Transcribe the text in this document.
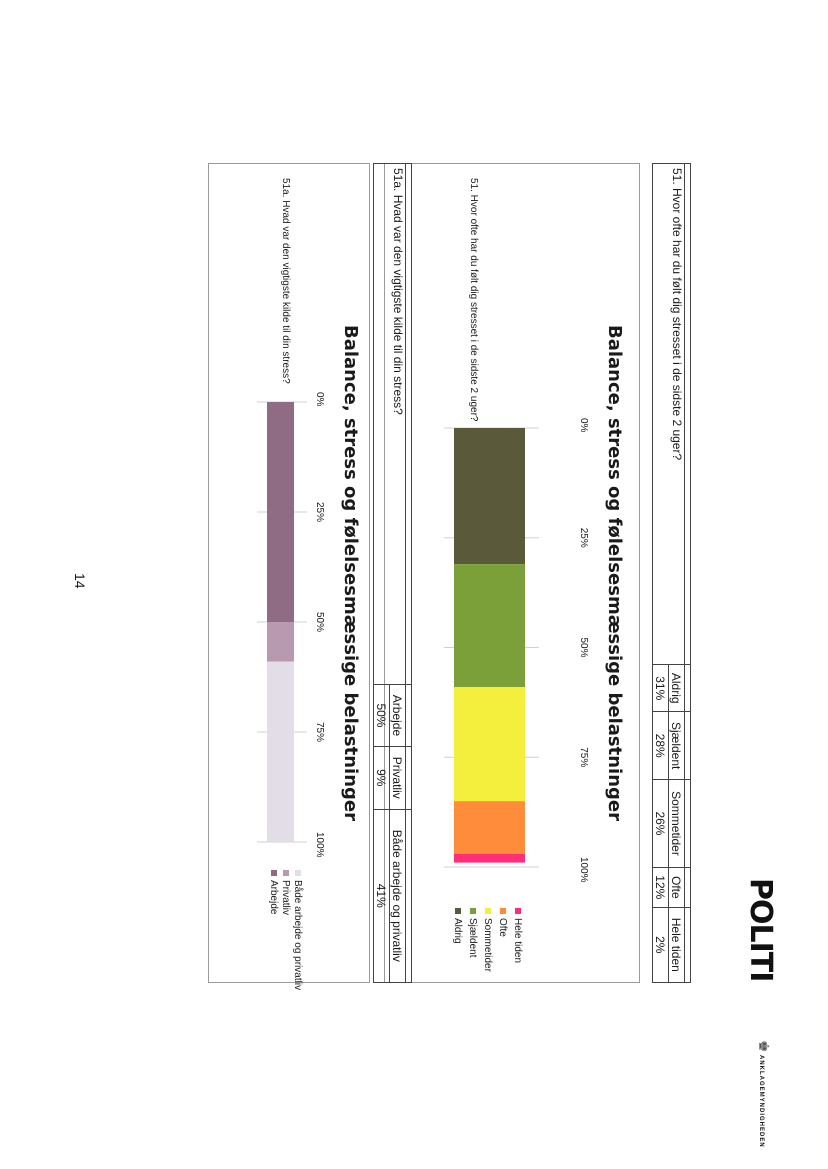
POLITI
♚
ANKLAGEMYNDIGHEDEN

51. Hvor ofte har du følt dig stresset i de sidste 2 uger?	Aldrig	Sjældent	Sommetider	Ofte	Hele tiden
	31%	28%	26%	12%	2%
Balance, stress og følelsesmæssige belastninger
51. Hvor ofte har du følt dig stresset i de sidste 2 uger?
0%
25%
50%
75%
100%
Hele tiden
Ofte
Sommetider
Sjældent
Aldrig

51a. Hvad var den vigtigste kilde til din stress?	Arbejde	Privatliv	Både arbejde og privatliv
	50%	9%	41%
Balance, stress og følelsesmæssige belastninger
51a. Hvad var den vigtigste kilde til din stress?
0%
25%
50%
75%
100%
Både arbejde og privatliv
Privatliv
Arbejde
14
